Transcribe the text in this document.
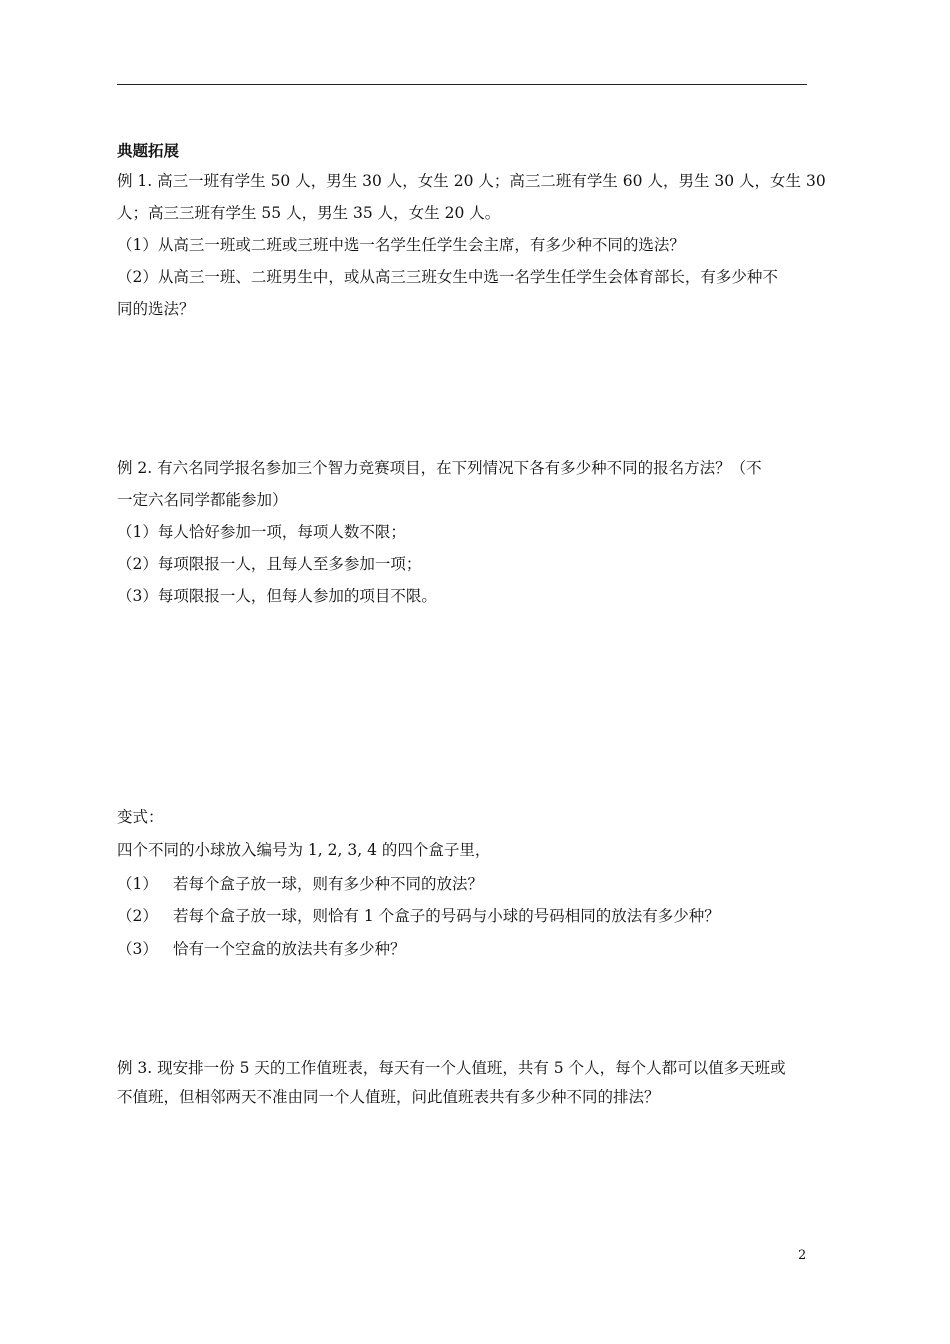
典题拓展
例 1. 高三一班有学生 50 人，男生 30 人，女生 20 人；高三二班有学生 60 人，男生 30 人，女生 30
人；高三三班有学生 55 人，男生 35 人，女生 20 人。
（1）从高三一班或二班或三班中选一名学生任学生会主席，有多少种不同的选法？
（2）从高三一班、二班男生中，或从高三三班女生中选一名学生任学生会体育部长，有多少种不
同的选法？
例 2. 有六名同学报名参加三个智力竞赛项目，在下列情况下各有多少种不同的报名方法？（不
一定六名同学都能参加）
（1）每人恰好参加一项，每项人数不限；
（2）每项限报一人，且每人至多参加一项；
（3）每项限报一人，但每人参加的项目不限。
变式：
四个不同的小球放入编号为 1, 2, 3, 4 的四个盒子里，
（1） 若每个盒子放一球，则有多少种不同的放法？
（2） 若每个盒子放一球，则恰有 1 个盒子的号码与小球的号码相同的放法有多少种？
（3） 恰有一个空盒的放法共有多少种？
例 3. 现安排一份 5 天的工作值班表，每天有一个人值班，共有 5 个人，每个人都可以值多天班或
不值班，但相邻两天不准由同一个人值班，问此值班表共有多少种不同的排法？
2
